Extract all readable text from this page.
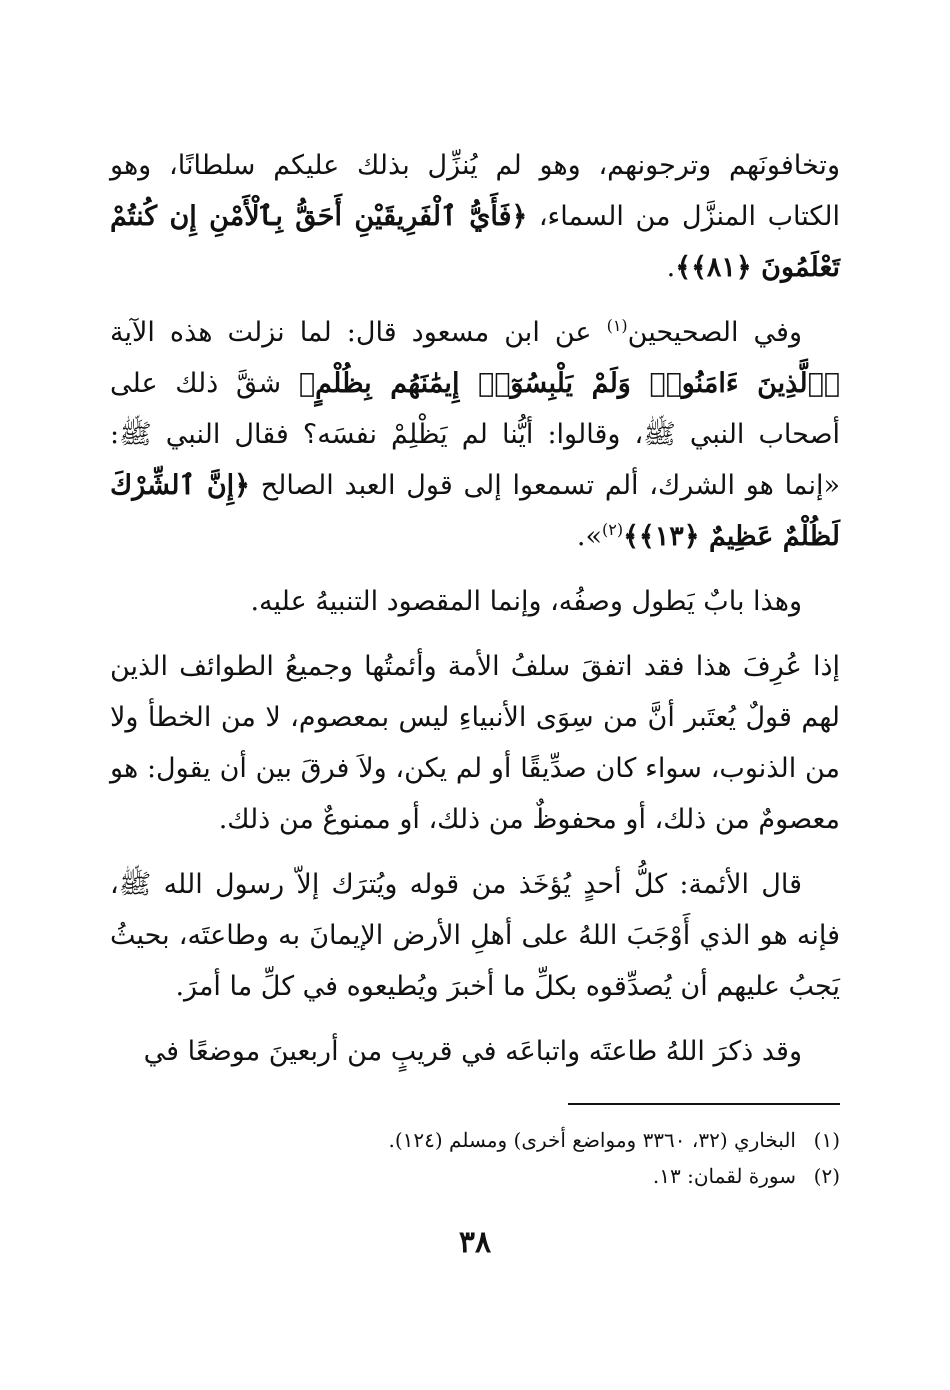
وتخافونَهم وترجونهم، وهو لم يُنزِّل بذلك عليكم سلطانًا، وهو الكتاب المنزَّل من السماء، ﴿فَأَيُّ ٱلْفَرِيقَيْنِ أَحَقُّ بِٱلْأَمْنِ إِن كُنتُمْ تَعْلَمُونَ ﴿٨١﴾﴾.

وفي الصحيحين$^{(١)}$ عن ابن مسعود قال: لما نزلت هذه الآية ﴿ٱلَّذِينَ ءَامَنُوا۟ وَلَمْ يَلْبِسُوٓا۟ إِيمَٰنَهُم بِظُلْمٍ﴾ شقَّ ذلك على أصحاب النبي ﷺ، وقالوا: أيُّنا لم يَظْلِمْ نفسَه؟ فقال النبي ﷺ: «إنما هو الشرك، ألم تسمعوا إلى قول العبد الصالح ﴿إِنَّ ٱلشِّرْكَ لَظُلْمٌ عَظِيمٌ ﴿١٣﴾﴾$^{(٢)}$».

وهذا بابٌ يَطول وصفُه، وإنما المقصود التنبيهُ عليه.

إذا عُرِفَ هذا فقد اتفقَ سلفُ الأمة وأئمتُها وجميعُ الطوائف الذين لهم قولٌ يُعتَبر أنَّ من سِوَى الأنبياءِ ليس بمعصوم، لا من الخطأ ولا من الذنوب، سواء كان صدِّيقًا أو لم يكن، ولاَ فرقَ بين أن يقول: هو معصومٌ من ذلك، أو محفوظٌ من ذلك، أو ممنوعٌ من ذلك.

قال الأئمة: كلُّ أحدٍ يُؤخَذ من قوله ويُترَك إلاّ رسول الله ﷺ، فإنه هو الذي أَوْجَبَ اللهُ على أهلِ الأرض الإيمانَ به وطاعتَه، بحيثُ يَجبُ عليهم أن يُصدِّقوه بكلِّ ما أخبرَ ويُطيعوه في كلِّ ما أمرَ.

وقد ذكرَ اللهُ طاعتَه واتباعَه في قريبٍ من أربعينَ موضعًا في

(١)البخاري (٣٢، ٣٣٦٠ ومواضع أخرى) ومسلم (١٢٤).

(٢)سورة لقمان: ١٣.

٣٨
